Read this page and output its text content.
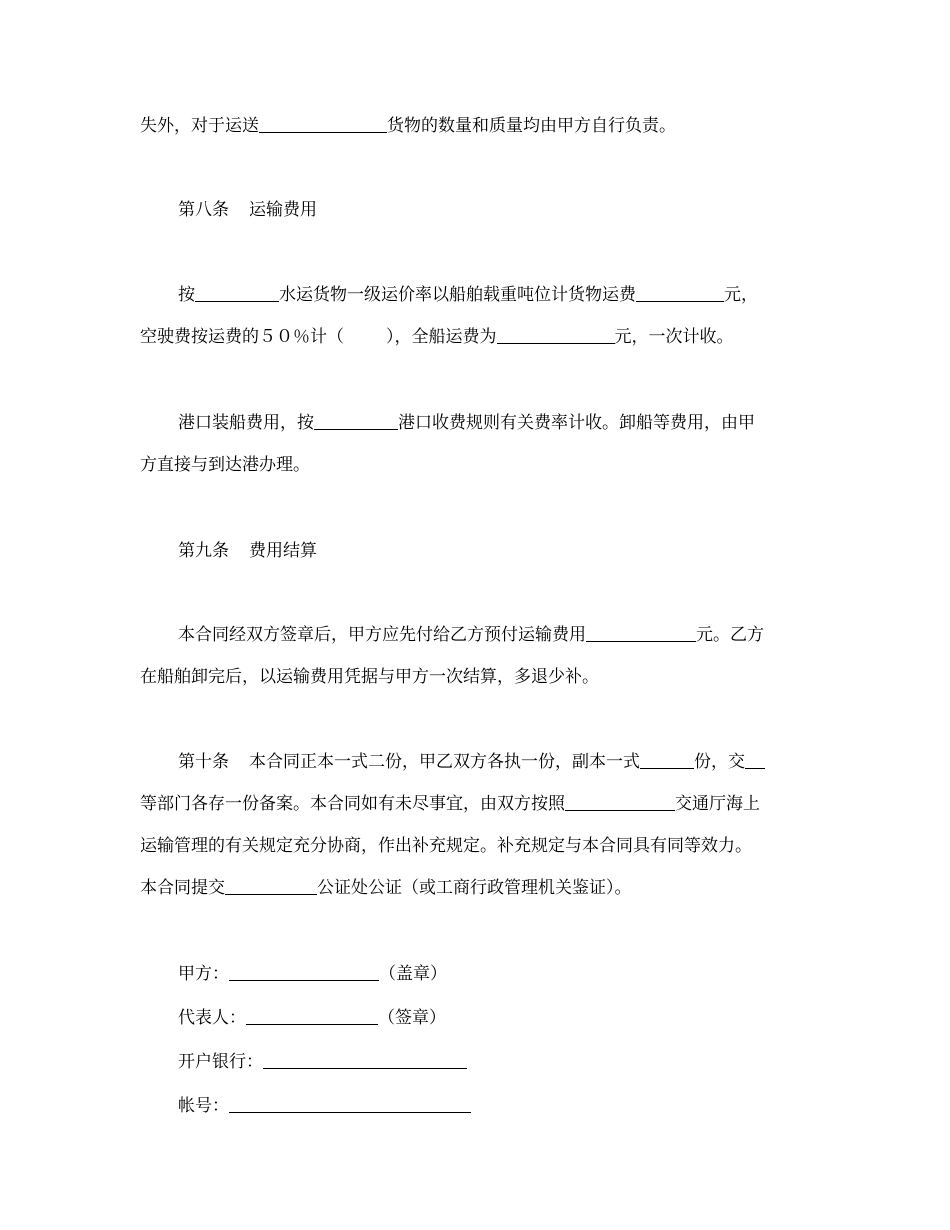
失外，对于运送	货物的数量和质量均由甲方自行负责。
第八条 运输费用
按	水运货物一级运价率以船舶载重吨位计货物运费	元，
空驶费按运费的５０％计（ ），全船运费为	元，一次计收。
港口装船费用，按	港口收费规则有关费率计收。卸船等费用，由甲
方直接与到达港办理。
第九条 费用结算
本合同经双方签章后，甲方应先付给乙方预付运输费用	元。乙方
在船舶卸完后，以运输费用凭据与甲方一次结算，多退少补。
第十条 本合同正本一式二份，甲乙双方各执一份，副本一式	份，交
等部门各存一份备案。本合同如有未尽事宜，由双方按照	交通厅海上
运输管理的有关规定充分协商，作出补充规定。补充规定与本合同具有同等效力。
本合同提交	公证处公证（或工商行政管理机关鉴证）。
甲方：	（盖章）
代表人：	（签章）
开户银行：
帐号：
